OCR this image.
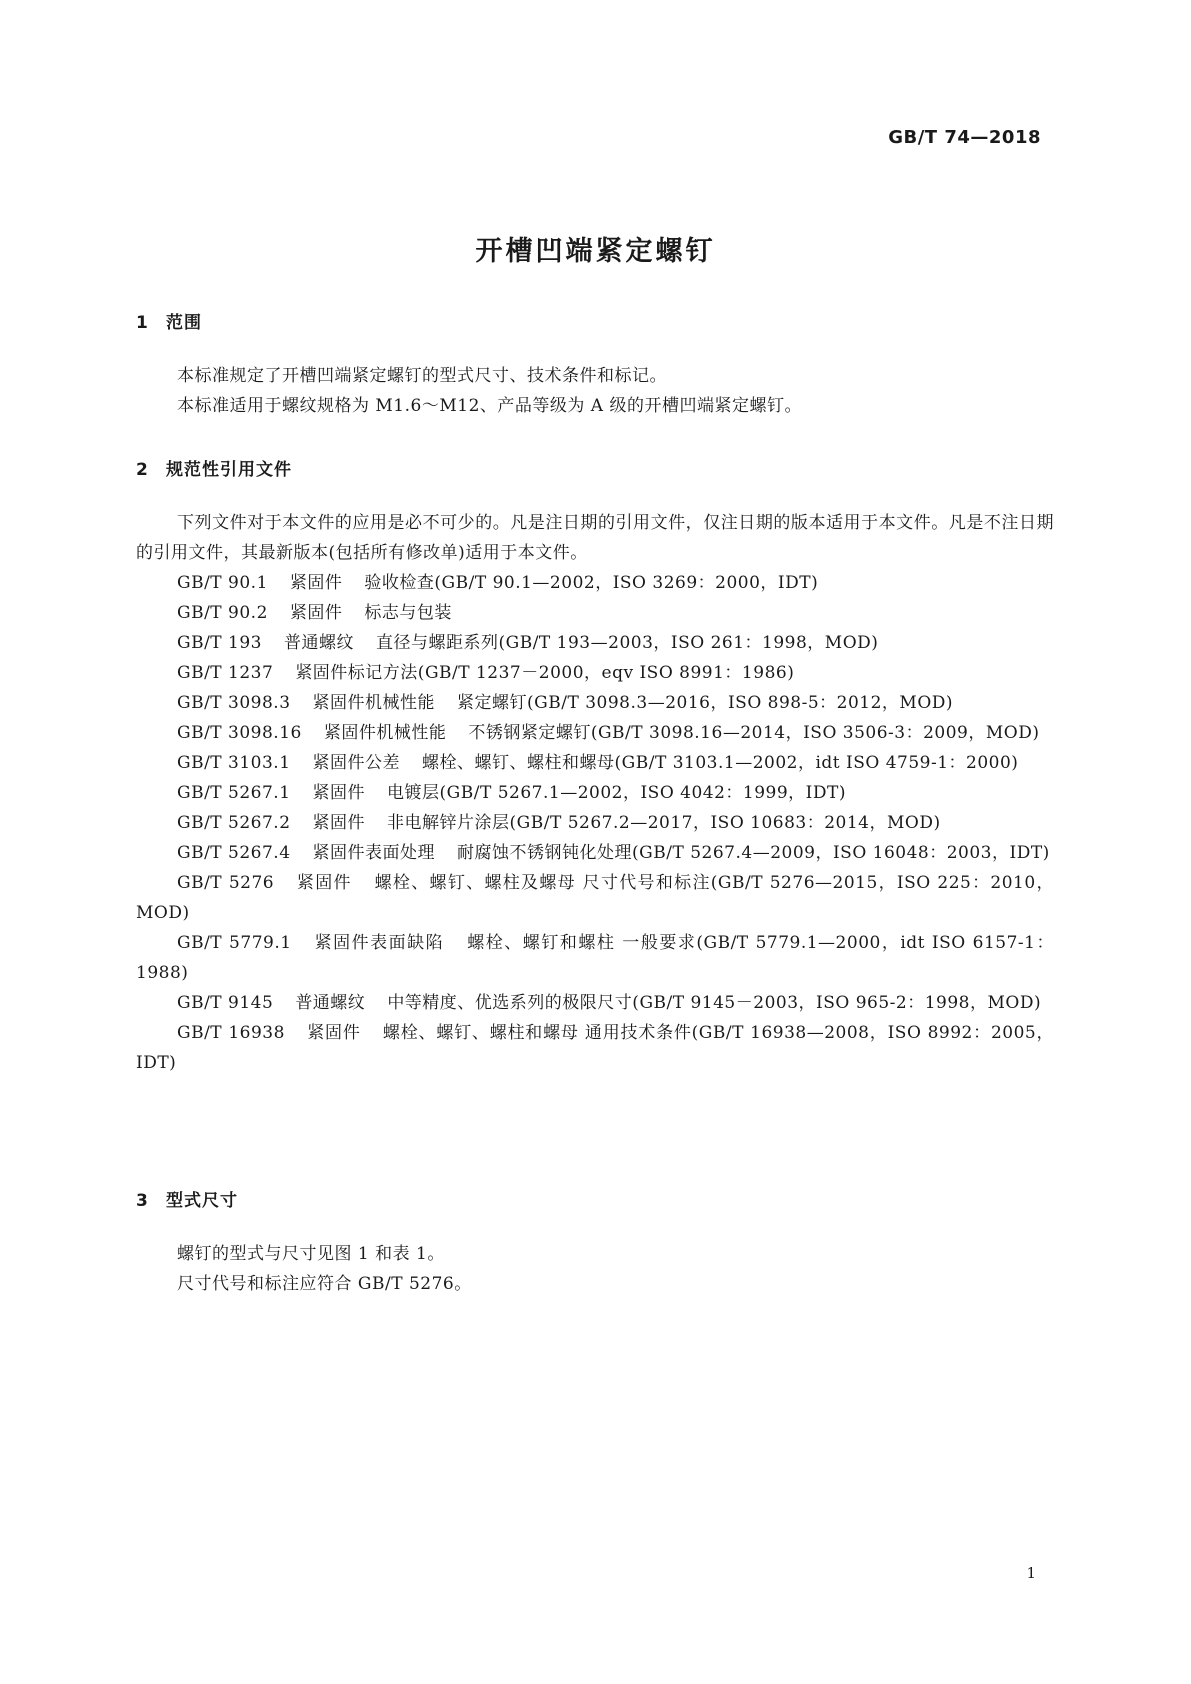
GB/T 74—2018
开槽凹端紧定螺钉
1 范围

本标准规定了开槽凹端紧定螺钉的型式尺寸、技术条件和标记。

本标准适用于螺纹规格为 M1.6～M12、产品等级为 A 级的开槽凹端紧定螺钉。

2 规范性引用文件

下列文件对于本文件的应用是必不可少的。凡是注日期的引用文件，仅注日期的版本适用于本文件。凡是不注日期的引用文件，其最新版本(包括所有修改单)适用于本文件。

GB/T 90.1 紧固件 验收检查(GB/T 90.1—2002，ISO 3269：2000，IDT)

GB/T 90.2 紧固件 标志与包装

GB/T 193 普通螺纹 直径与螺距系列(GB/T 193—2003，ISO 261：1998，MOD)

GB/T 1237 紧固件标记方法(GB/T 1237－2000，eqv ISO 8991：1986)

GB/T 3098.3 紧固件机械性能 紧定螺钉(GB/T 3098.3—2016，ISO 898-5：2012，MOD)

GB/T 3098.16 紧固件机械性能 不锈钢紧定螺钉(GB/T 3098.16—2014，ISO 3506-3：2009，MOD)

GB/T 3103.1 紧固件公差 螺栓、螺钉、螺柱和螺母(GB/T 3103.1—2002，idt ISO 4759-1：2000)

GB/T 5267.1 紧固件 电镀层(GB/T 5267.1—2002，ISO 4042：1999，IDT)

GB/T 5267.2 紧固件 非电解锌片涂层(GB/T 5267.2—2017，ISO 10683：2014，MOD)

GB/T 5267.4 紧固件表面处理 耐腐蚀不锈钢钝化处理(GB/T 5267.4—2009，ISO 16048：2003，IDT)

GB/T 5276 紧固件 螺栓、螺钉、螺柱及螺母 尺寸代号和标注(GB/T 5276—2015，ISO 225：2010，MOD)

GB/T 5779.1 紧固件表面缺陷 螺栓、螺钉和螺柱 一般要求(GB/T 5779.1—2000，idt ISO 6157-1：1988)

GB/T 9145 普通螺纹 中等精度、优选系列的极限尺寸(GB/T 9145－2003，ISO 965-2：1998，MOD)

GB/T 16938 紧固件 螺栓、螺钉、螺柱和螺母 通用技术条件(GB/T 16938—2008，ISO 8992：2005，IDT)

3 型式尺寸

螺钉的型式与尺寸见图 1 和表 1。

尺寸代号和标注应符合 GB/T 5276。

1
